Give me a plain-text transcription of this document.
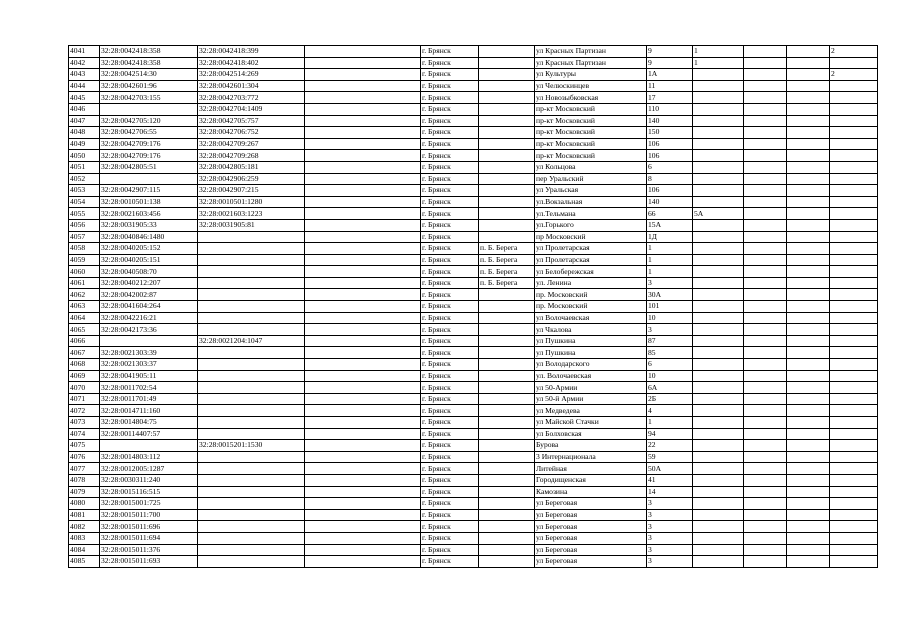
4041	32:28:0042418:358	32:28:0042418:399		г. Брянск		ул Красных Партизан	9	1			2
4042	32:28:0042418:358	32:28:0042418:402		г. Брянск		ул Красных Партизан	9	1			
4043	32:28:0042514:30	32:28:0042514:269		г. Брянск		ул Культуры	1А				2
4044	32:28:0042601:96	32:28:0042601:304		г. Брянск		ул Челюскинцев	11				
4045	32:28:0042703:155	32:28:0042703:772		г. Брянск		ул Новозыбковская	17				
4046		32:28:0042704:1409		г. Брянск		пр-кт Московский	110				
4047	32:28:0042705:120	32:28:0042705:757		г. Брянск		пр-кт Московский	140				
4048	32:28:0042706:55	32:28:0042706:752		г. Брянск		пр-кт Московский	150				
4049	32:28:0042709:176	32:28:0042709:267		г. Брянск		пр-кт Московский	106				
4050	32:28:0042709:176	32:28:0042709:268		г. Брянск		пр-кт Московский	106				
4051	32:28:0042805:51	32:28:0042805:181		г. Брянск		ул Кольцова	6				
4052		32:28:0042906:259		г. Брянск		пер Уральский	8				
4053	32:28:0042907:115	32:28:0042907:215		г. Брянск		ул Уральская	106				
4054	32:28:0010501:138	32:28:0010501:1280		г. Брянск		ул.Вокзальная	140				
4055	32:28:0021603:456	32:28:0021603:1223		г. Брянск		ул.Тельмана	66	5А			
4056	32:28:0031905:33	32:28:0031905:81		г. Брянск		ул.Горького	15А				
4057	32:28:0040846:1480			г. Брянск		пр Московский	1Д				
4058	32:28:0040205:152			г. Брянск	п. Б. Берега	ул Пролетарская	1				
4059	32:28:0040205:151			г. Брянск	п. Б. Берега	ул Пролетарская	1				
4060	32:28:0040508:70			г. Брянск	п. Б. Берега	ул Белобережская	1				
4061	32:28:0040212:207			г. Брянск	п. Б. Берега	ул. Ленина	3				
4062	32:28:0042002:87			г. Брянск		пр. Московский	30А				
4063	32:28:0041604:264			г. Брянск		пр. Московский	101				
4064	32:28:0042216:21			г. Брянск		ул Волочаевская	10				
4065	32:28:0042173:36			г. Брянск		ул Чкалова	3				
4066		32:28:0021204:1047		г. Брянск		ул Пушкина	87				
4067	32:28:0021303:39			г. Брянск		ул Пушкина	85				
4068	32:28:0021303:37			г. Брянск		ул Володарского	6				
4069	32:28:0041905:11			г. Брянск		ул. Волочаевская	10				
4070	32:28:0011702:54			г. Брянск		ул 50-Армии	6А				
4071	32:28:0011701:49			г. Брянск		ул 50-й Армии	2Б				
4072	32:28:0014711:160			г. Брянск		ул Медведева	4				
4073	32:28:0014804:75			г. Брянск		ул Майской Стачки	1				
4074	32:28:00114407:57			г. Брянск		ул Болховская	94				
4075		32:28:0015201:1530		г. Брянск		Бурова	22				
4076	32:28:0014803:112			г. Брянск		3 Интернационала	59				
4077	32:28:0012005:1287			г. Брянск		Литейная	50А				
4078	32:28:0030311:240			г. Брянск		Городищенская	41				
4079	32:28:0015116:515			г. Брянск		Камозина	14				
4080	32:28:0015001:725			г. Брянск		ул Береговая	3				
4081	32:28:0015011:700			г. Брянск		ул Береговая	3				
4082	32:28:0015011:696			г. Брянск		ул Береговая	3				
4083	32:28:0015011:694			г. Брянск		ул Береговая	3				
4084	32:28:0015011:376			г. Брянск		ул Береговая	3				
4085	32:28:0015011:693			г. Брянск		ул Береговая	3				
